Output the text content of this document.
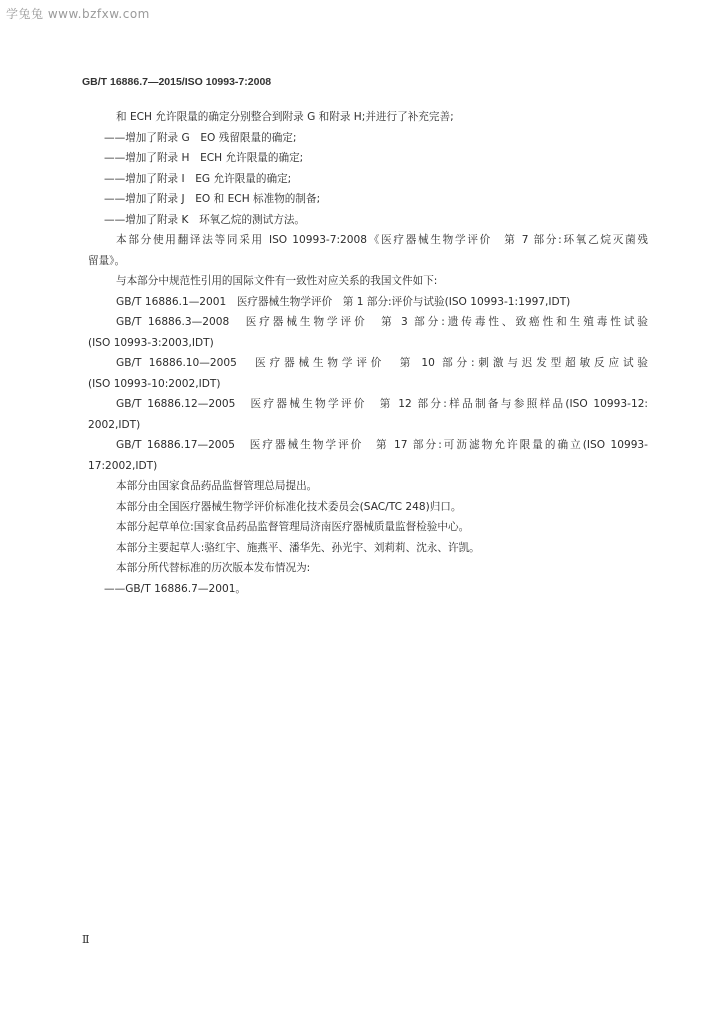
学兔兔 www.bzfxw.com
GB/T 16886.7—2015/ISO 10993-7:2008
和 ECH 允许限量的确定分别整合到附录 G 和附录 H;并进行了补充完善;
——增加了附录 G　EO 残留限量的确定;
——增加了附录 H　ECH 允许限量的确定;
——增加了附录 I　EG 允许限量的确定;
——增加了附录 J　EO 和 ECH 标准物的制备;
——增加了附录 K　环氧乙烷的测试方法。
本部分使用翻译法等同采用 ISO 10993-7:2008《医疗器械生物学评价　第 7 部分:环氧乙烷灭菌残
留量》。
与本部分中规范性引用的国际文件有一致性对应关系的我国文件如下:
GB/T 16886.1—2001　医疗器械生物学评价　第 1 部分:评价与试验(ISO 10993-1:1997,IDT)
GB/T 16886.3—2008　医疗器械生物学评价　第 3 部分:遗传毒性、致癌性和生殖毒性试验
(ISO 10993-3:2003,IDT)
GB/T 16886.10—2005　医疗器械生物学评价　第 10 部分:刺激与迟发型超敏反应试验
(ISO 10993-10:2002,IDT)
GB/T 16886.12—2005　医疗器械生物学评价　第 12 部分:样品制备与参照样品(ISO 10993-12:
2002,IDT)
GB/T 16886.17—2005　医疗器械生物学评价　第 17 部分:可沥滤物允许限量的确立(ISO 10993-
17:2002,IDT)
本部分由国家食品药品监督管理总局提出。
本部分由全国医疗器械生物学评价标准化技术委员会(SAC/TC 248)归口。
本部分起草单位:国家食品药品监督管理局济南医疗器械质量监督检验中心。
本部分主要起草人:骆红宇、施燕平、潘华先、孙光宇、刘莉莉、沈永、许凯。
本部分所代替标准的历次版本发布情况为:
——GB/T 16886.7—2001。
Ⅱ
